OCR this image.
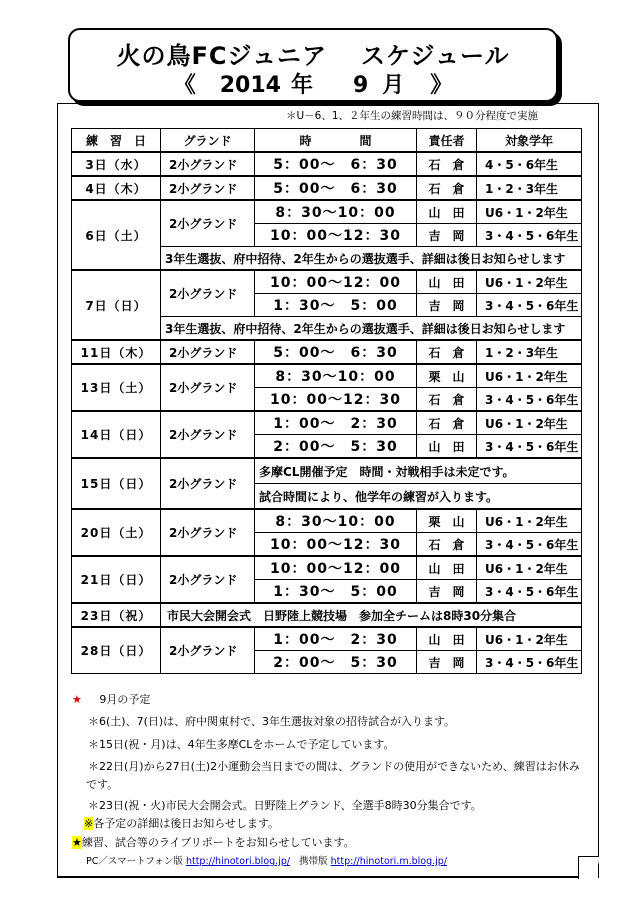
火の鳥FCジュニア スケジュール
《 2014 年 9 月 》
＊U－6、1、２年生の練習時間は、９０分程度で実施
練　習　日	グランド	時　　　　間	責任者	対象学年
3日（水）	2小グランド	5：00～　6：30	石　倉	4・5・6年生
4日（木）	2小グランド	5：00～　6：30	石　倉	1・2・3年生
6日（土）	2小グランド	8：30～10：00	山　田	U6・1・2年生
		10：00～12：30	吉　岡	3・4・5・6年生
	3年生選抜、府中招待、2年生からの選抜選手、詳細は後日お知らせします			
7日（日）	2小グランド	10：00～12：00	山　田	U6・1・2年生
		1：30～　5：00	吉　岡	3・4・5・6年生
	3年生選抜、府中招待、2年生からの選抜選手、詳細は後日お知らせします			
11日（木）	2小グランド	5：00～　6：30	石　倉	1・2・3年生
13日（土）	2小グランド	8：30～10：00	栗　山	U6・1・2年生
		10：00～12：30	石　倉	3・4・5・6年生
14日（日）	2小グランド	1：00～　2：30	石　倉	U6・1・2年生
		2：00～　5：30	山　田	3・4・5・6年生
15日（日）	2小グランド	多摩CL開催予定　時間・対戦相手は未定です。		
		試合時間により、他学年の練習が入ります。		
20日（土）	2小グランド	8：30～10：00	栗　山	U6・1・2年生
		10：00～12：30	石　倉	3・4・5・6年生
21日（日）	2小グランド	10：00～12：00	山　田	U6・1・2年生
		1：30～　5：00	吉　岡	3・4・5・6年生
23日（祝）	市民大会開会式　日野陸上競技場　参加全チームは8時30分集合			
28日（日）	2小グランド	1：00～　2：30	山　田	U6・1・2年生
		2：00～　5：30	吉　岡	3・4・5・6年生
★ 9月の予定
＊6(土)、7(日)は、府中関東村で、3年生選抜対象の招待試合が入ります。
＊15日(祝・月)は、4年生多摩CLをホームで予定しています。
＊22日(月)から27日(土)2小運動会当日までの間は、グランドの使用ができないため、練習はお休み
です。
＊23日(祝・火)市民大会開会式。日野陸上グランド、全選手8時30分集合です。
※各予定の詳細は後日お知らせします。
★練習、試合等のライブリポートをお知らせしています。
PC／スマートフォン版 http://hinotori.blog.jp/ 携帯版 http://hinotori.m.blog.jp/
